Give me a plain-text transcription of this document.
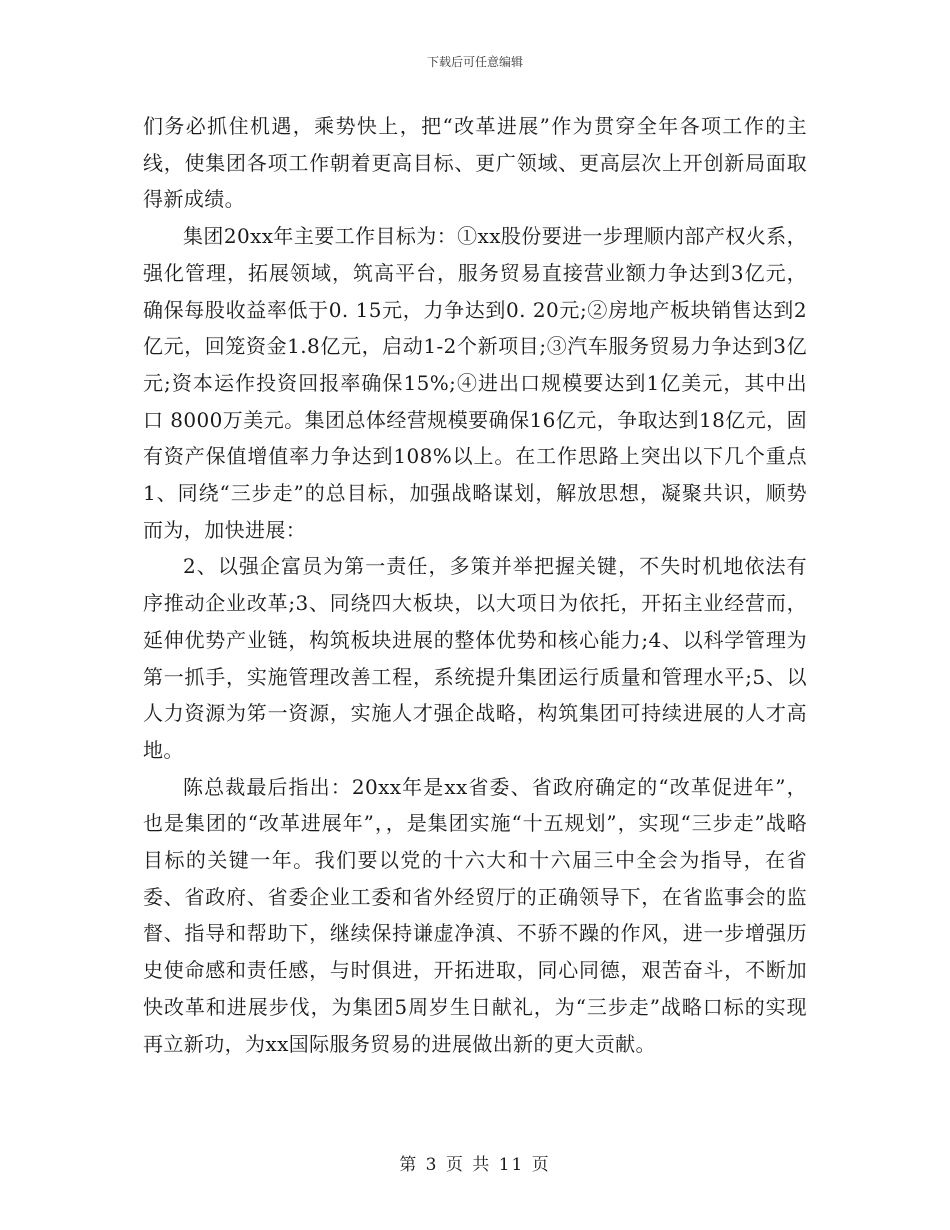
下载后可任意编辑

们务必抓住机遇，乘势快上，把“改革进展”作为贯穿全年各项工作的主线，使集团各项工作朝着更高目标、更广领域、更高层次上开创新局面取得新成绩。

集团20xx年主要工作目标为：①xx股份要进一步理顺内部产权火系，强化管理，拓展领域，筑高平台，服务贸易直接营业额力争达到3亿元，确保每股收益率低于0. 15元，力争达到0. 20元;②房地产板块销售达到2亿元，回笼资金1.8亿元，启动1-2个新项目;③汽车服务贸易力争达到3亿元;资本运作投资回报率确保15%;④进出口规模要达到1亿美元，其中出口 8000万美元。集团总体经营规模要确保16亿元，争取达到18亿元，固有资产保值增值率力争达到108%以上。在工作思路上突出以下几个重点1、同绕“三步走”的总目标，加强战略谋划，解放思想，凝聚共识，顺势而为，加快进展：

2、以强企富员为第一责任，多策并举把握关键，不失时机地依法有序推动企业改革;3、同绕四大板块，以大项日为依托，开拓主业经营而，延伸优势产业链，构筑板块进展的整体优势和核心能力;4、以科学管理为第一抓手，实施管理改善工程，系统提升集团运行质量和管理水平;5、以人力资源为笫一资源，实施人才强企战略，构筑集团可持续进展的人才高地。

陈总裁最后指出：20xx年是xx省委、省政府确定的“改革促进年”，也是集团的“改革进展年”，，是集团实施“十五规划”，实现“三步走”战略目标的关键一年。我们要以党的十六大和十六届三中全会为指导，在省委、省政府、省委企业工委和省外经贸厅的正确领导下，在省监事会的监督、指导和帮助下，继续保持谦虚净滇、不骄不躁的作风，进一步增强历史使命感和责任感，与时俱进，开拓进取，同心同德，艰苦奋斗，不断加快改革和进展步伐，为集团5周岁生日献礼，为“三步走”战略口标的实现再立新功，为xx国际服务贸易的进展做出新的更大贡献。

第 3 页 共 11 页
